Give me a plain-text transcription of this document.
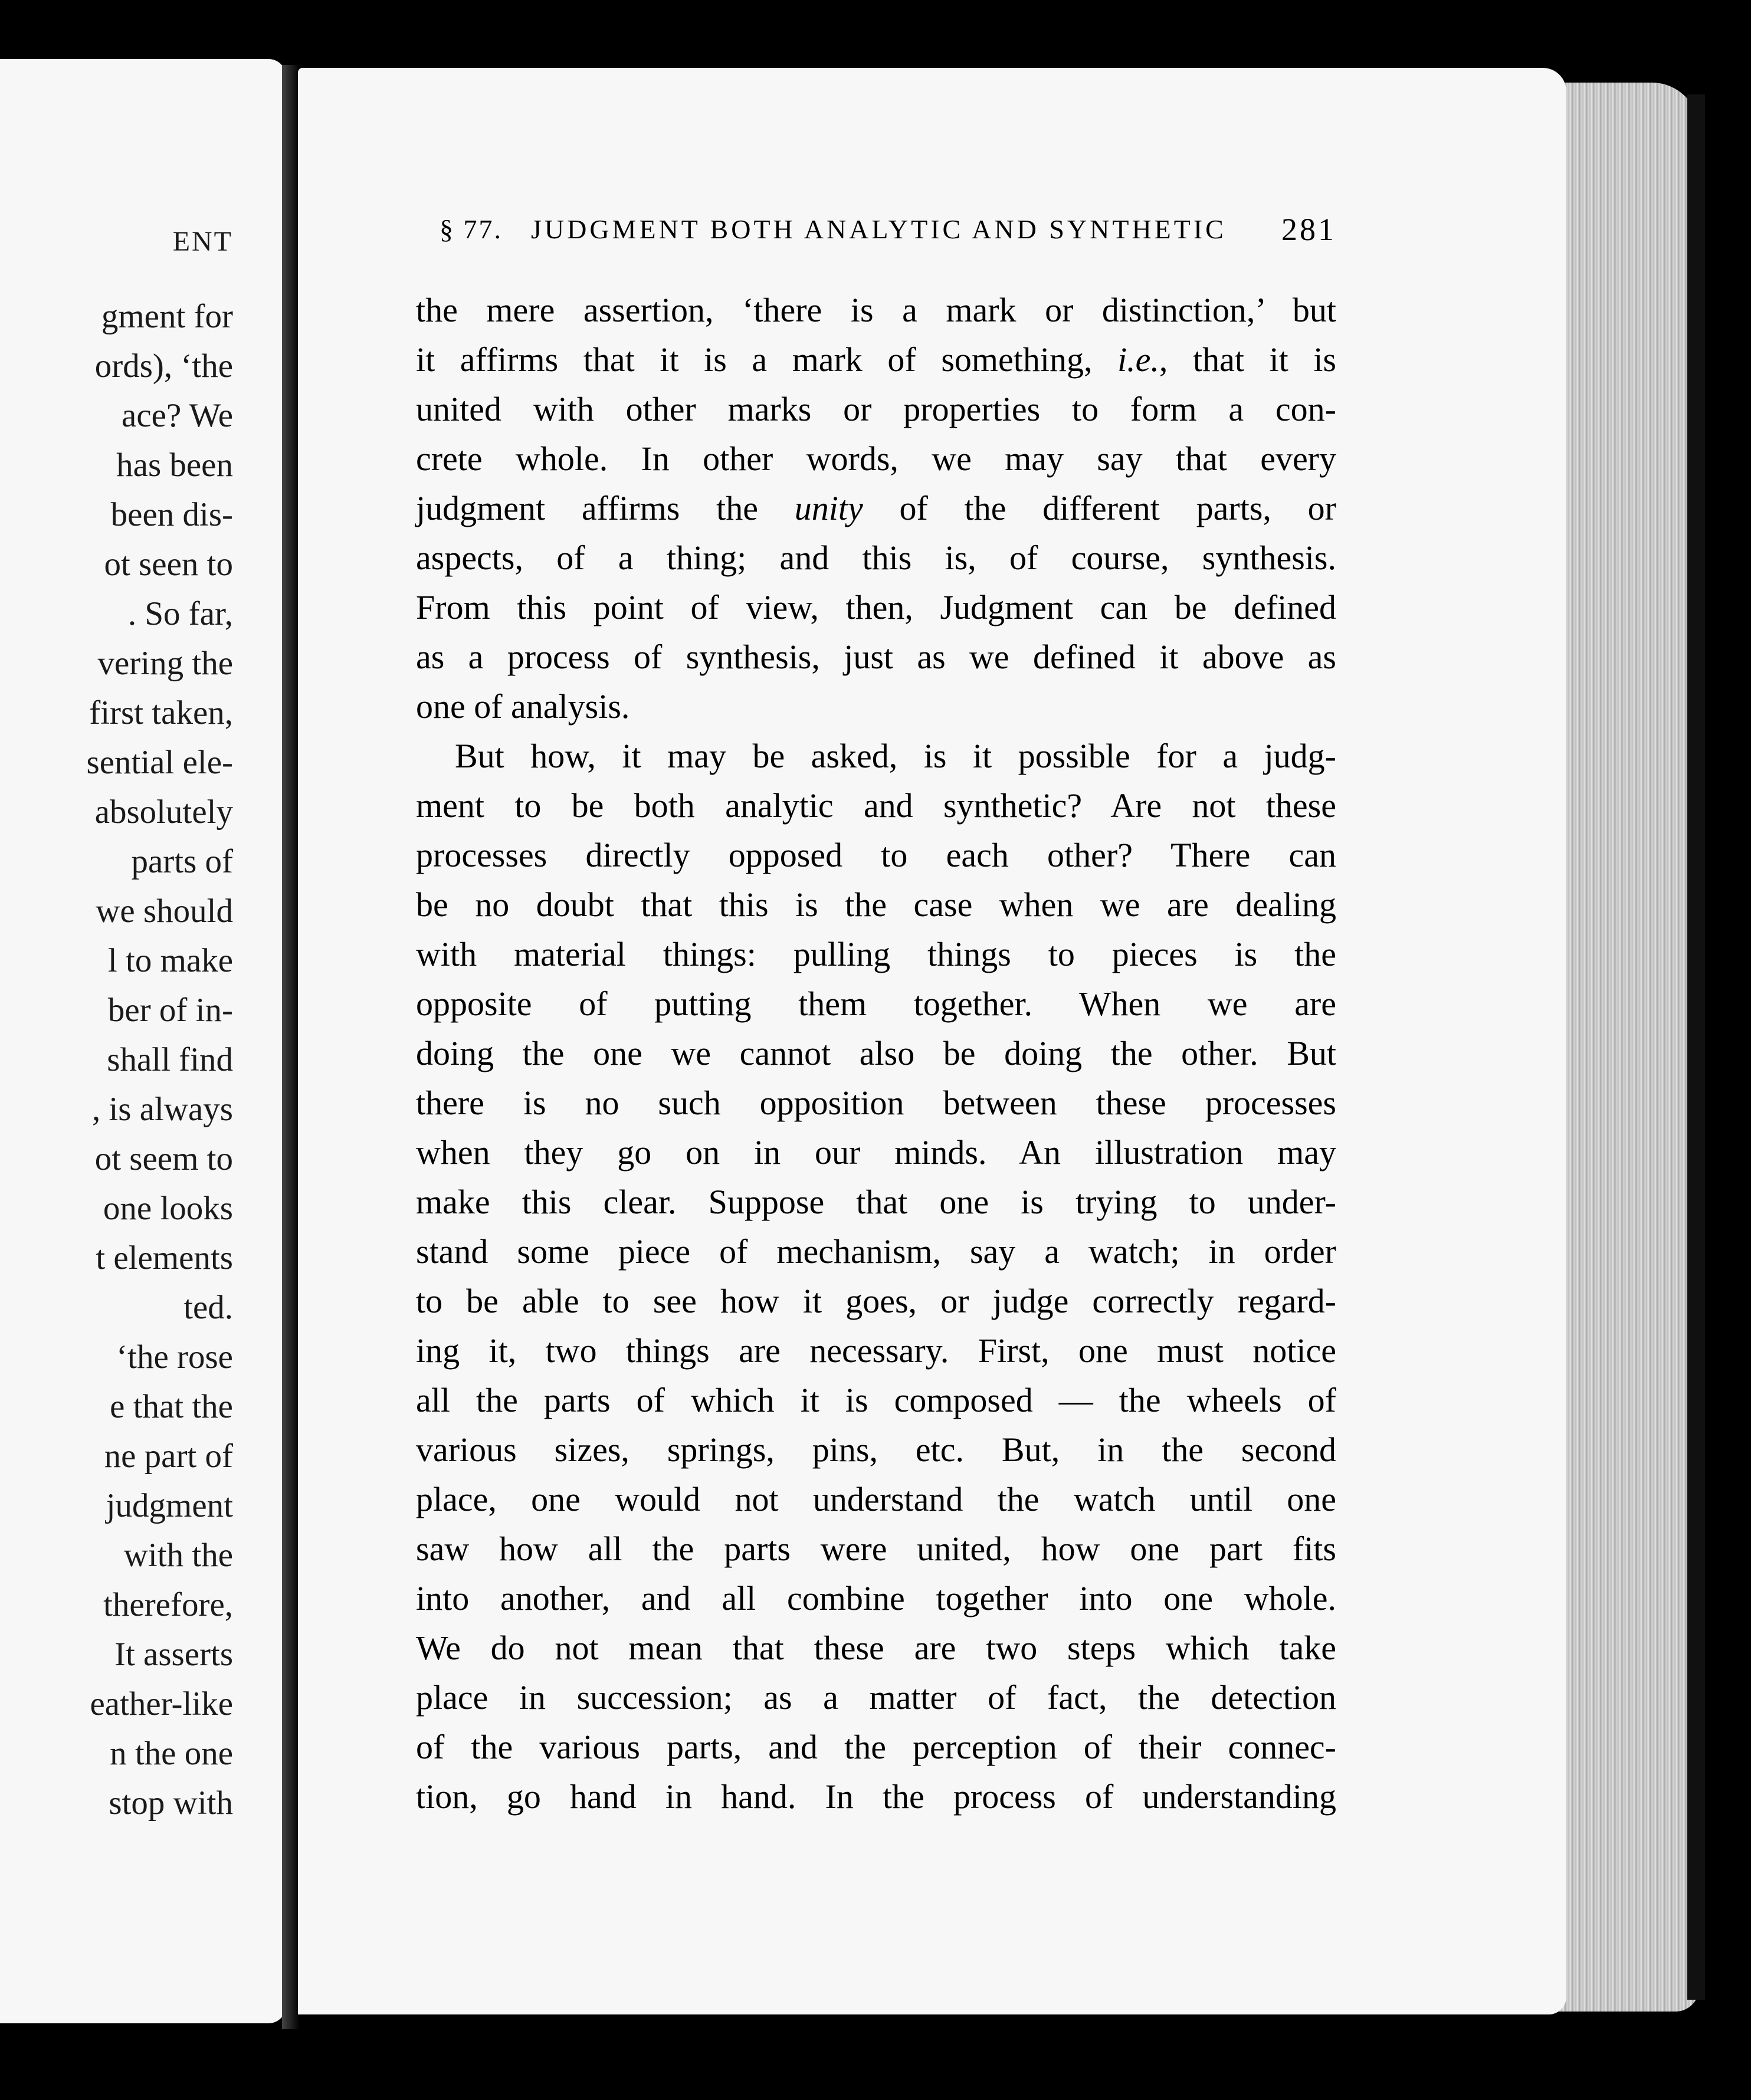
ENT
gment for
ords), ‘the
ace? We
has been
been dis-
ot seen to
. So far,
vering the
first taken,
sential ele-
absolutely
parts of
we should
l to make
ber of in-
shall find
, is always
ot seem to
one looks
t elements
ted.
‘the rose
e that the
ne part of
judgment
with the
therefore,
It asserts
eather-like
n the one
stop with
§ 77. JUDGMENT BOTH ANALYTIC AND SYNTHETIC 281
the mere assertion, ‘there is a mark or distinction,’ but
it affirms that it is a mark of something, i.e., that it is
united with other marks or properties to form a con-
crete whole. In other words, we may say that every
judgment affirms the unity of the different parts, or
aspects, of a thing; and this is, of course, synthesis.
From this point of view, then, Judgment can be defined
as a process of synthesis, just as we defined it above as
one of analysis.
But how, it may be asked, is it possible for a judg-
ment to be both analytic and synthetic? Are not these
processes directly opposed to each other? There can
be no doubt that this is the case when we are dealing
with material things: pulling things to pieces is the
opposite of putting them together. When we are
doing the one we cannot also be doing the other. But
there is no such opposition between these processes
when they go on in our minds. An illustration may
make this clear. Suppose that one is trying to under-
stand some piece of mechanism, say a watch; in order
to be able to see how it goes, or judge correctly regard-
ing it, two things are necessary. First, one must notice
all the parts of which it is composed — the wheels of
various sizes, springs, pins, etc. But, in the second
place, one would not understand the watch until one
saw how all the parts were united, how one part fits
into another, and all combine together into one whole.
We do not mean that these are two steps which take
place in succession; as a matter of fact, the detection
of the various parts, and the perception of their connec-
tion, go hand in hand. In the process of understanding
